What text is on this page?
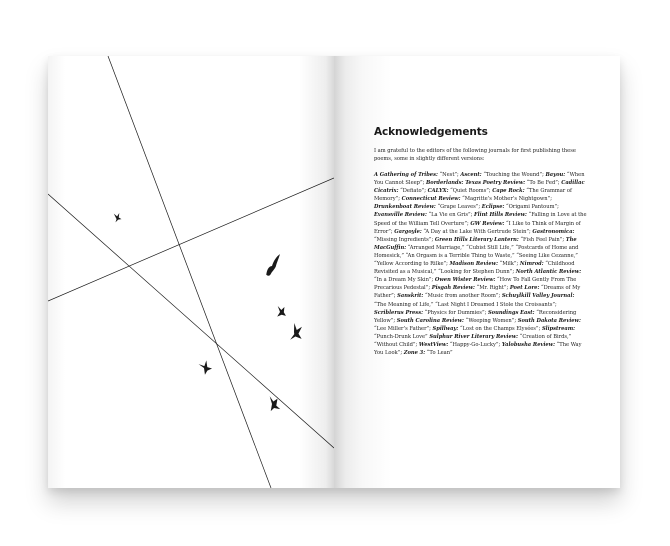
Acknowledgements

I am grateful to the editors of the following journals for first publishing these poems, some in slightly different versions:

A Gathering of Tribes: “Nest”; Ascent: “Touching the Wound”; Bayou: “When You Cannot Sleep”; Borderlands: Texas Poetry Review: “To Be Fed”; Cadillac Cicatrix: “Defiato”; CALYX: “Quiet Rooms”; Cape Rock: “The Grammar of Memory”; Connecticut Review: “Magritte’s Mother’s Nightgown”; Drunkenboat Review: “Grape Leaves”; Eclipse: “Origami Pantoum”; Evansville Review: “La Vie en Gris”; Flint Hills Review: “Falling in Love at the Speed of the William Tell Overture”; GW Review: “I Like to Think of Margin of Error”; Gargoyle: “A Day at the Lake With Gertrude Stein”; Gastronomica: “Missing Ingredients”; Green Hills Literary Lantern: “Fish Feel Pain”; The MacGuffin: “Arranged Marriage,” “Cubist Still Life,” “Postcards of Home and Homesick,” “An Orgasm is a Terrible Thing to Waste,” “Seeing Like Cezanne,” “Yellow According to Rilke”; Madison Review: “Milk”; Nimrod: “Childhood Revisited as a Musical,” “Looking for Stephen Dunn”; North Atlantic Review: “In a Dream My Skin”; Owen Wister Review: “How To Fall Gently From The Precarious Pedestal”; Pisgah Review: “Mr. Right”; Poet Lore: “Dreams of My Father”; Sanskrit: “Music from another Room”; Schuylkill Valley Journal: “The Meaning of Life,” “Last Night I Dreamed I Stole the Croissants”; Scriblerus Press: “Physics for Dummies”; Soundings East: “Reconsidering Yellow”; South Carolina Review: “Weeping Women”; South Dakota Review: “Lee Miller’s Father”; Spillway: “Lost on the Champs Elysées”; Slipstream: “Punch-Drunk Love” Sulphur River Literary Review: “Creation of Birds,” “Without Child”; WestView: “Happy-Go-Lucky”; Yalobusha Review: “The Way You Look”; Zone 3: “To Lean”
